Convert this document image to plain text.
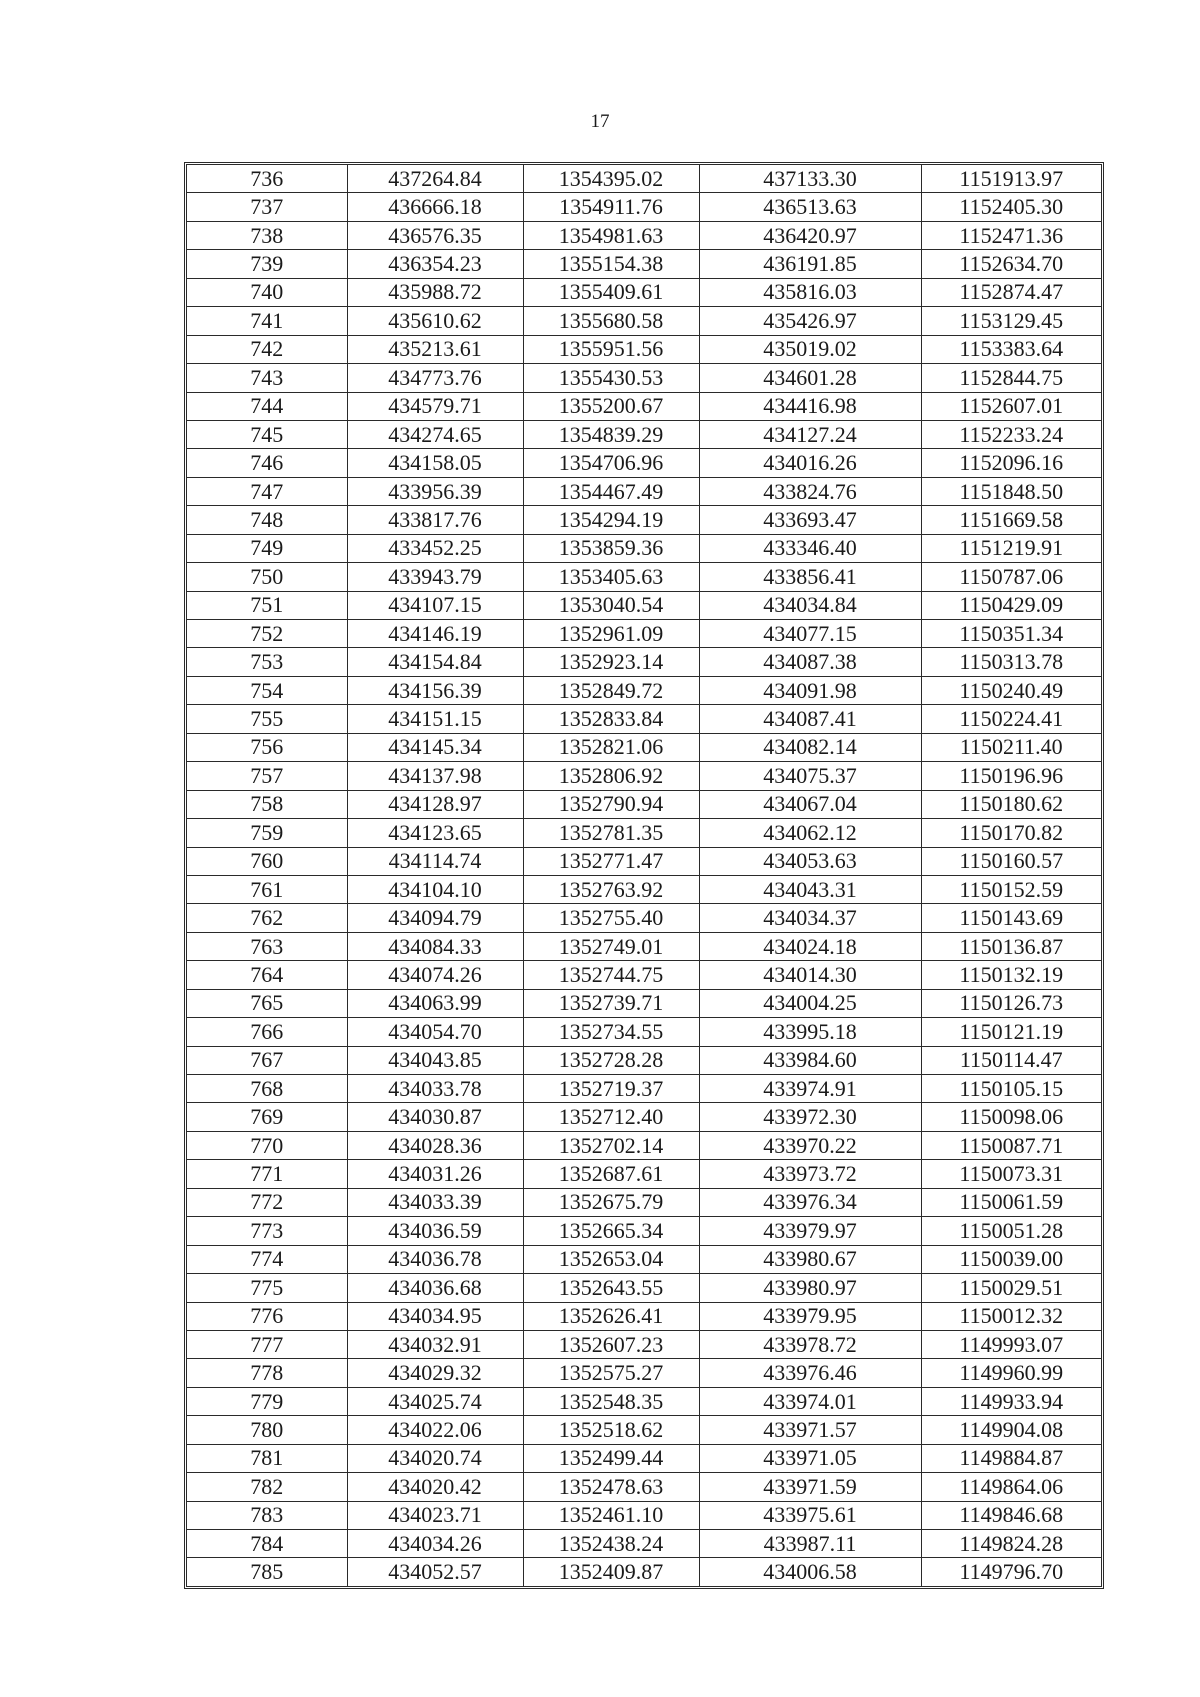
17
736	437264.84	1354395.02	437133.30	1151913.97
737	436666.18	1354911.76	436513.63	1152405.30
738	436576.35	1354981.63	436420.97	1152471.36
739	436354.23	1355154.38	436191.85	1152634.70
740	435988.72	1355409.61	435816.03	1152874.47
741	435610.62	1355680.58	435426.97	1153129.45
742	435213.61	1355951.56	435019.02	1153383.64
743	434773.76	1355430.53	434601.28	1152844.75
744	434579.71	1355200.67	434416.98	1152607.01
745	434274.65	1354839.29	434127.24	1152233.24
746	434158.05	1354706.96	434016.26	1152096.16
747	433956.39	1354467.49	433824.76	1151848.50
748	433817.76	1354294.19	433693.47	1151669.58
749	433452.25	1353859.36	433346.40	1151219.91
750	433943.79	1353405.63	433856.41	1150787.06
751	434107.15	1353040.54	434034.84	1150429.09
752	434146.19	1352961.09	434077.15	1150351.34
753	434154.84	1352923.14	434087.38	1150313.78
754	434156.39	1352849.72	434091.98	1150240.49
755	434151.15	1352833.84	434087.41	1150224.41
756	434145.34	1352821.06	434082.14	1150211.40
757	434137.98	1352806.92	434075.37	1150196.96
758	434128.97	1352790.94	434067.04	1150180.62
759	434123.65	1352781.35	434062.12	1150170.82
760	434114.74	1352771.47	434053.63	1150160.57
761	434104.10	1352763.92	434043.31	1150152.59
762	434094.79	1352755.40	434034.37	1150143.69
763	434084.33	1352749.01	434024.18	1150136.87
764	434074.26	1352744.75	434014.30	1150132.19
765	434063.99	1352739.71	434004.25	1150126.73
766	434054.70	1352734.55	433995.18	1150121.19
767	434043.85	1352728.28	433984.60	1150114.47
768	434033.78	1352719.37	433974.91	1150105.15
769	434030.87	1352712.40	433972.30	1150098.06
770	434028.36	1352702.14	433970.22	1150087.71
771	434031.26	1352687.61	433973.72	1150073.31
772	434033.39	1352675.79	433976.34	1150061.59
773	434036.59	1352665.34	433979.97	1150051.28
774	434036.78	1352653.04	433980.67	1150039.00
775	434036.68	1352643.55	433980.97	1150029.51
776	434034.95	1352626.41	433979.95	1150012.32
777	434032.91	1352607.23	433978.72	1149993.07
778	434029.32	1352575.27	433976.46	1149960.99
779	434025.74	1352548.35	433974.01	1149933.94
780	434022.06	1352518.62	433971.57	1149904.08
781	434020.74	1352499.44	433971.05	1149884.87
782	434020.42	1352478.63	433971.59	1149864.06
783	434023.71	1352461.10	433975.61	1149846.68
784	434034.26	1352438.24	433987.11	1149824.28
785	434052.57	1352409.87	434006.58	1149796.70
